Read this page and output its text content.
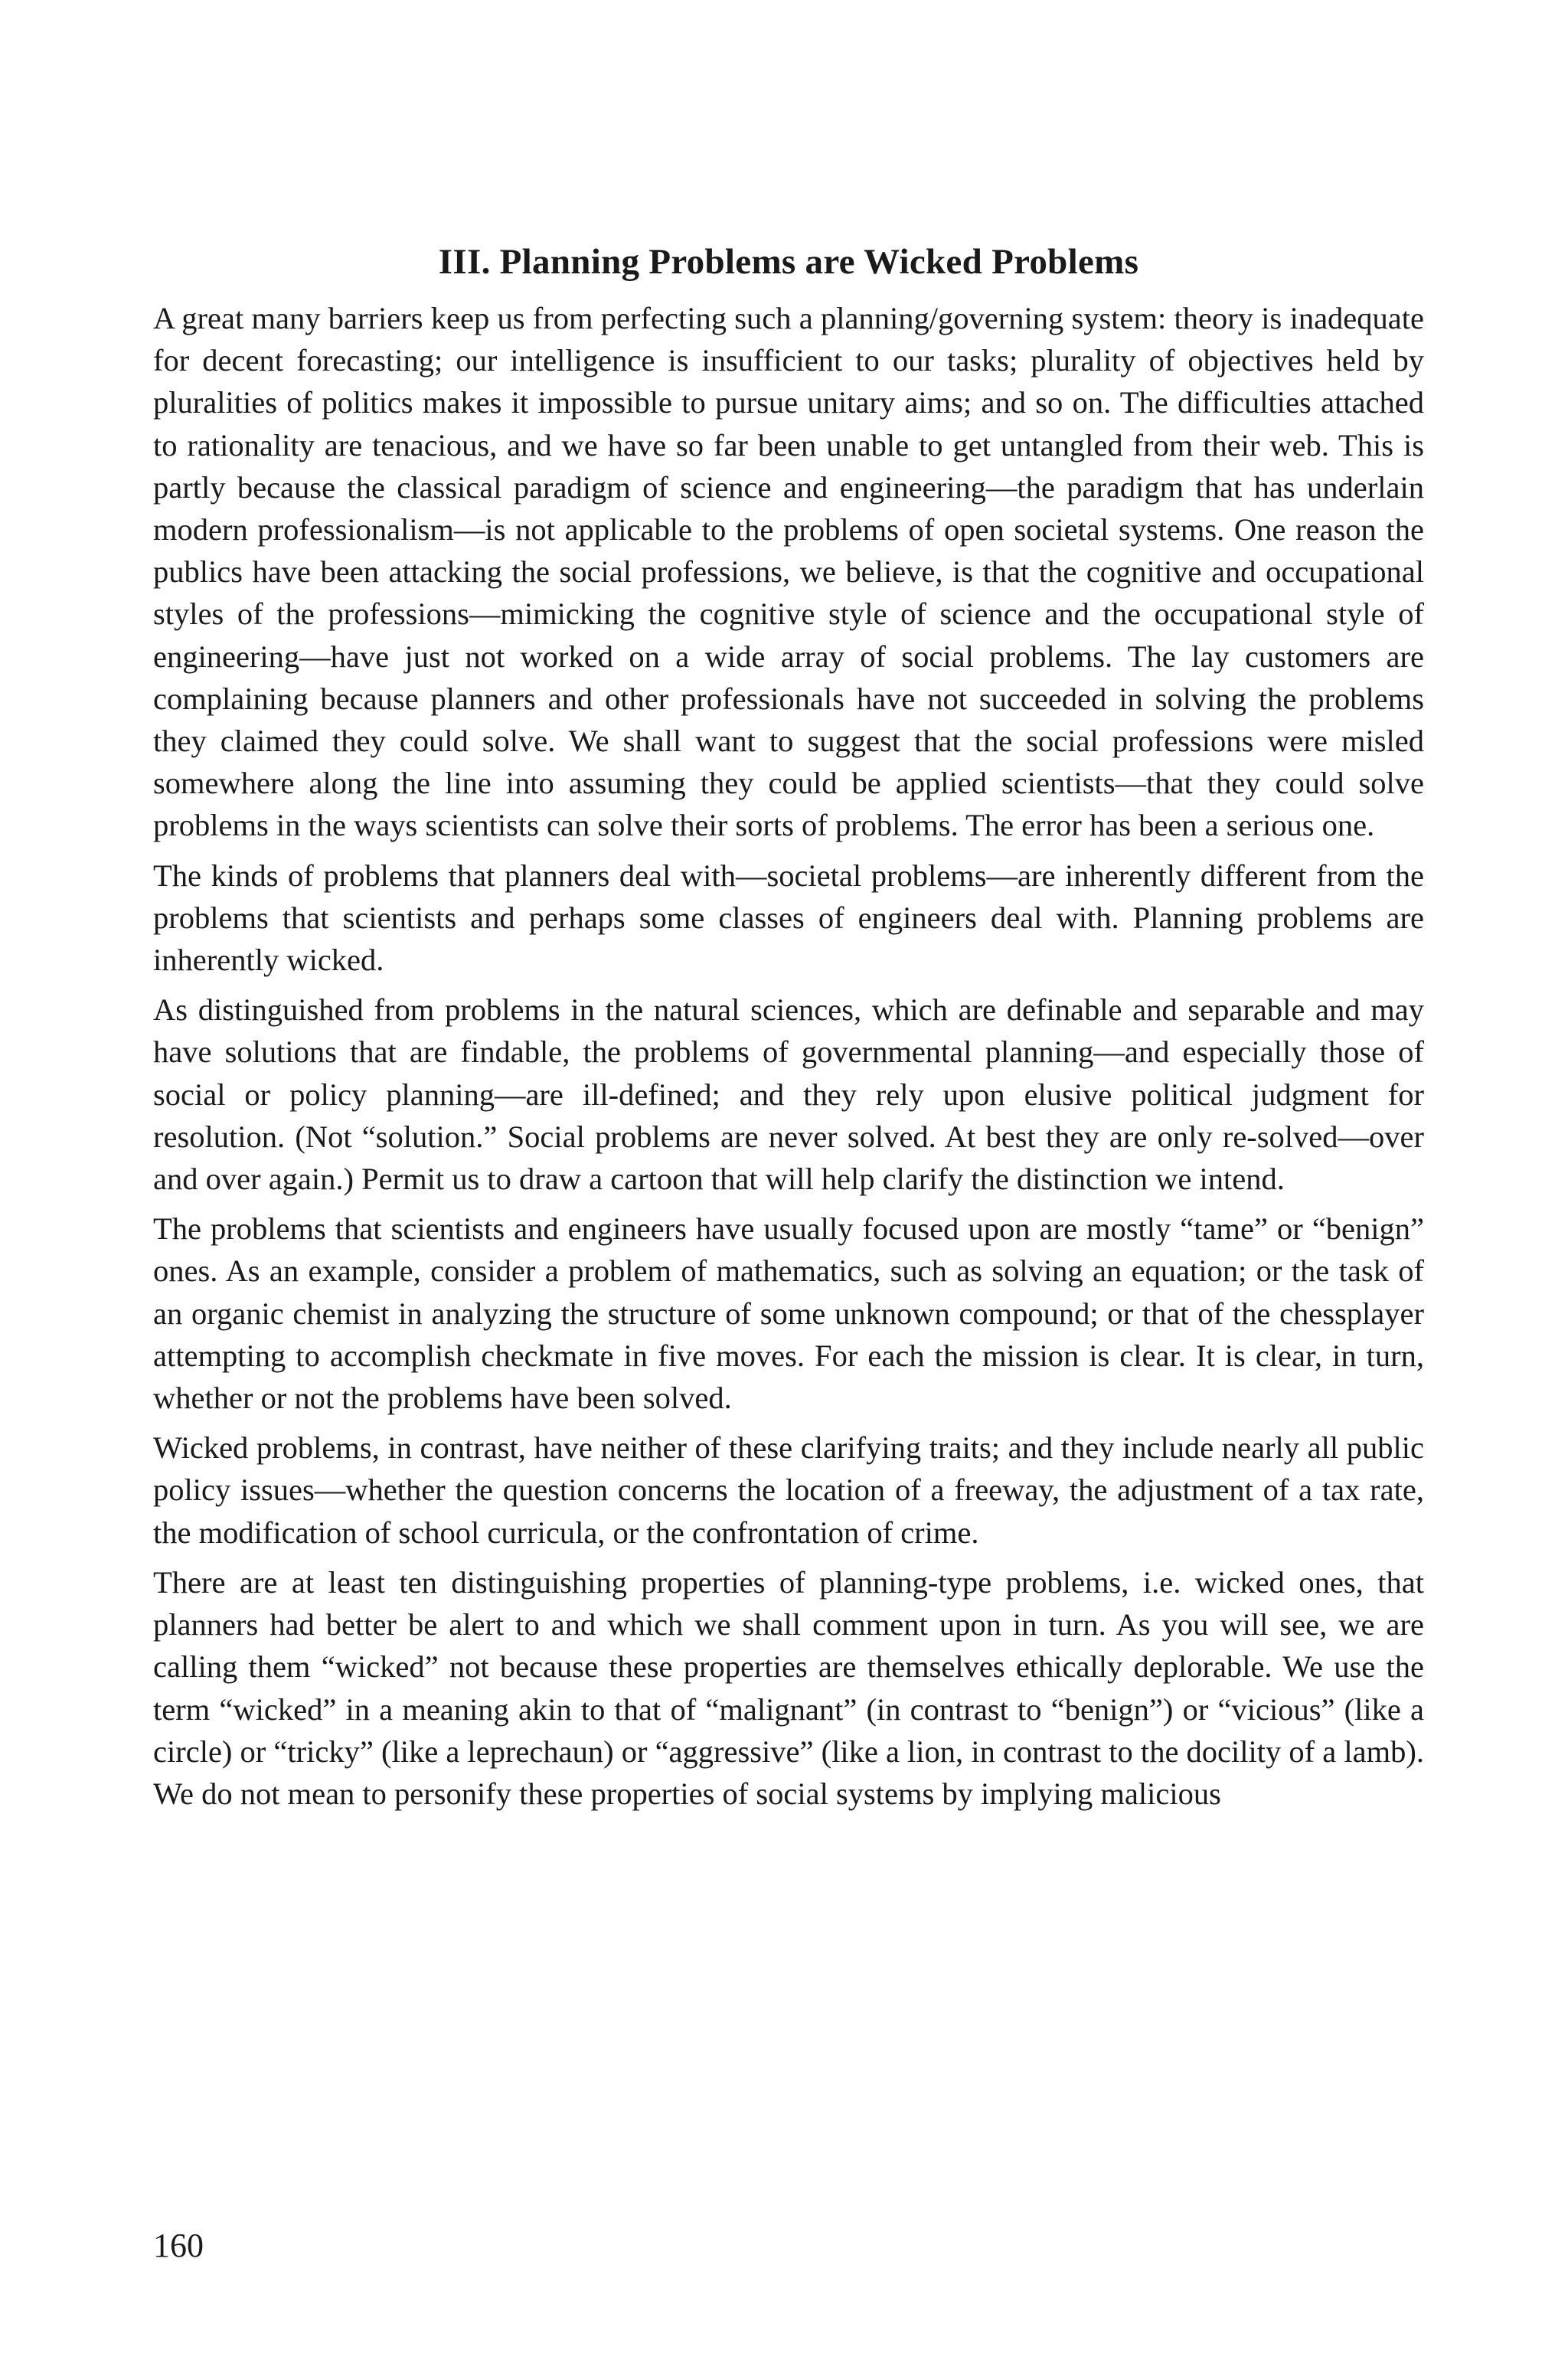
III. Planning Problems are Wicked Problems

A great many barriers keep us from perfecting such a planning/governing system: theory is inadequate for decent forecasting; our intelligence is insufficient to our tasks; plurality of objectives held by pluralities of politics makes it impossible to pursue unitary aims; and so on. The difficulties attached to rationality are tenacious, and we have so far been unable to get untangled from their web. This is partly because the classical paradigm of science and engineering—the paradigm that has underlain modern professionalism—is not applicable to the problems of open societal systems. One reason the publics have been attacking the social professions, we believe, is that the cognitive and occupational styles of the professions—mimicking the cognitive style of science and the occupational style of engineering—have just not worked on a wide array of social problems. The lay customers are complaining because planners and other professionals have not succeeded in solving the problems they claimed they could solve. We shall want to suggest that the social professions were misled somewhere along the line into assuming they could be applied scientists—that they could solve problems in the ways scientists can solve their sorts of problems. The error has been a serious one.

The kinds of problems that planners deal with—societal problems—are inherently different from the problems that scientists and perhaps some classes of engineers deal with. Planning problems are inherently wicked.

As distinguished from problems in the natural sciences, which are definable and separable and may have solutions that are findable, the problems of governmental planning—and especially those of social or policy planning—are ill-defined; and they rely upon elusive political judgment for resolution. (Not “solution.” Social problems are never solved. At best they are only re-solved—over and over again.) Permit us to draw a cartoon that will help clarify the distinction we intend.

The problems that scientists and engineers have usually focused upon are mostly “tame” or “benign” ones. As an example, consider a problem of mathematics, such as solving an equation; or the task of an organic chemist in analyzing the structure of some unknown compound; or that of the chessplayer attempting to accomplish checkmate in five moves. For each the mission is clear. It is clear, in turn, whether or not the problems have been solved.

Wicked problems, in contrast, have neither of these clarifying traits; and they include nearly all public policy issues—whether the question concerns the location of a freeway, the adjustment of a tax rate, the modification of school curricula, or the confrontation of crime.

There are at least ten distinguishing properties of planning-type problems, i.e. wicked ones, that planners had better be alert to and which we shall comment upon in turn. As you will see, we are calling them “wicked” not because these properties are themselves ethically deplorable. We use the term “wicked” in a meaning akin to that of “malignant” (in contrast to “benign”) or “vicious” (like a circle) or “tricky” (like a leprechaun) or “aggressive” (like a lion, in contrast to the docility of a lamb). We do not mean to personify these properties of social systems by implying malicious

160
